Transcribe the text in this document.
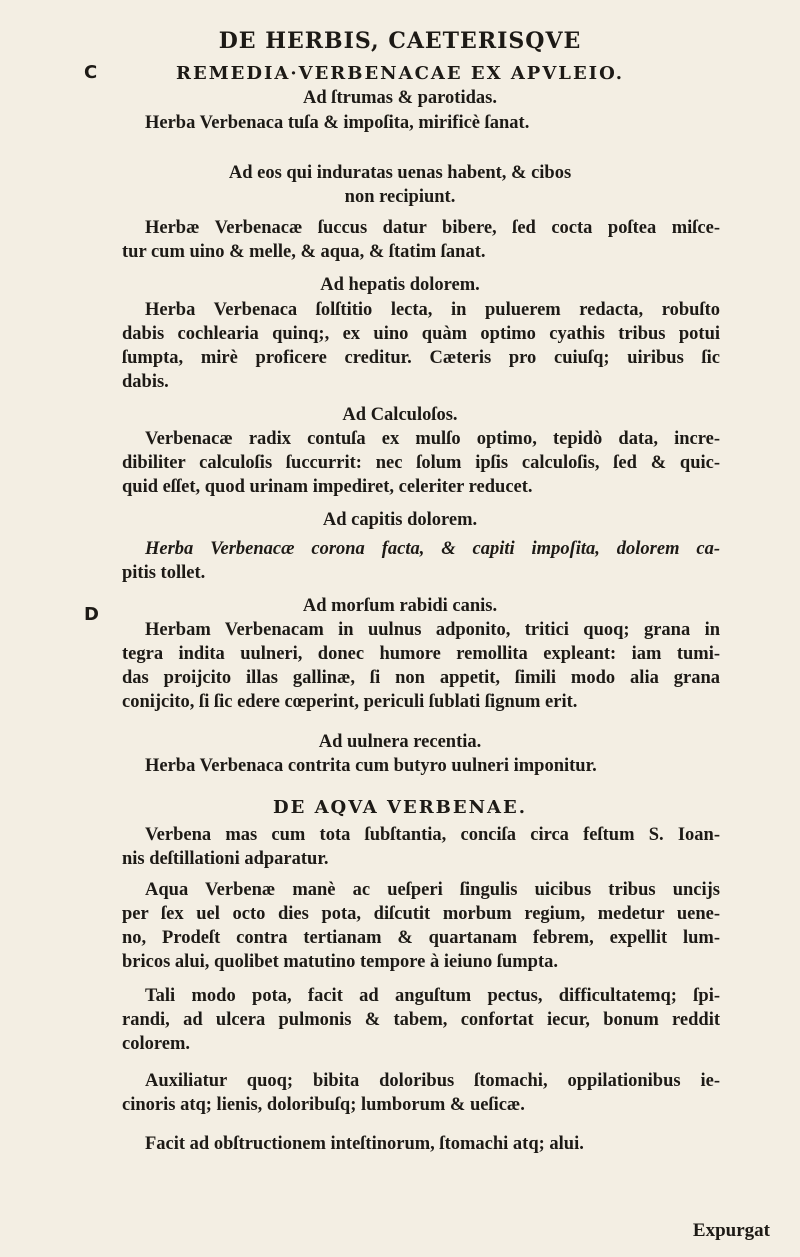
DE HERBIS, CAETERISQVE
C
D
REMEDIA·VERBENACAE EX APVLEIO.
Ad ſtrumas & parotidas.
Herba Verbenaca tuſa & impoſita, mirificè ſanat.
Ad eos qui induratas uenas habent, & cibos
non recipiunt.
Herbæ Verbenacæ ſuccus datur bibere, ſed cocta poſtea miſce-
tur cum uino & melle, & aqua, & ſtatim ſanat.
Ad hepatis dolorem.
Herba Verbenaca ſolſtitio lecta, in puluerem redacta, robuſto
dabis cochlearia quinq;, ex uino quàm optimo cyathis tribus potui
ſumpta, mirè proficere creditur. Cæteris pro cuiuſq; uiribus ſic
dabis.
Ad Calculoſos.
Verbenacæ radix contuſa ex mulſo optimo, tepidò data, incre-
dibiliter calculoſis ſuccurrit: nec ſolum ipſis calculoſis, ſed & quic-
quid eſſet, quod urinam impediret, celeriter reducet.
Ad capitis dolorem.
Herba Verbenacæ corona facta, & capiti impoſita, dolorem ca-
pitis tollet.
Ad morſum rabidi canis.
Herbam Verbenacam in uulnus adponito, tritici quoq; grana in
tegra indita uulneri, donec humore remollita expleant: iam tumi-
das proijcito illas gallinæ, ſi non appetit, ſimili modo alia grana
conijcito, ſi ſic edere cœperint, periculi ſublati ſignum erit.
Ad uulnera recentia.
Herba Verbenaca contrita cum butyro uulneri imponitur.
DE AQVA VERBENAE.
Verbena mas cum tota ſubſtantia, conciſa circa feſtum S. Ioan-
nis deſtillationi adparatur.
Aqua Verbenæ manè ac ueſperi ſingulis uicibus tribus uncijs
per ſex uel octo dies pota, diſcutit morbum regium, medetur uene-
no, Prodeſt contra tertianam & quartanam febrem, expellit lum-
bricos alui, quolibet matutino tempore à ieiuno ſumpta.
Tali modo pota, facit ad anguſtum pectus, difficultatemq; ſpi-
randi, ad ulcera pulmonis & tabem, confortat iecur, bonum reddit
colorem.
Auxiliatur quoq; bibita doloribus ſtomachi, oppilationibus ie-
cinoris atq; lienis, doloribuſq; lumborum & ueſicæ.
Facit ad obſtructionem inteſtinorum, ſtomachi atq; alui.
Expurgat
